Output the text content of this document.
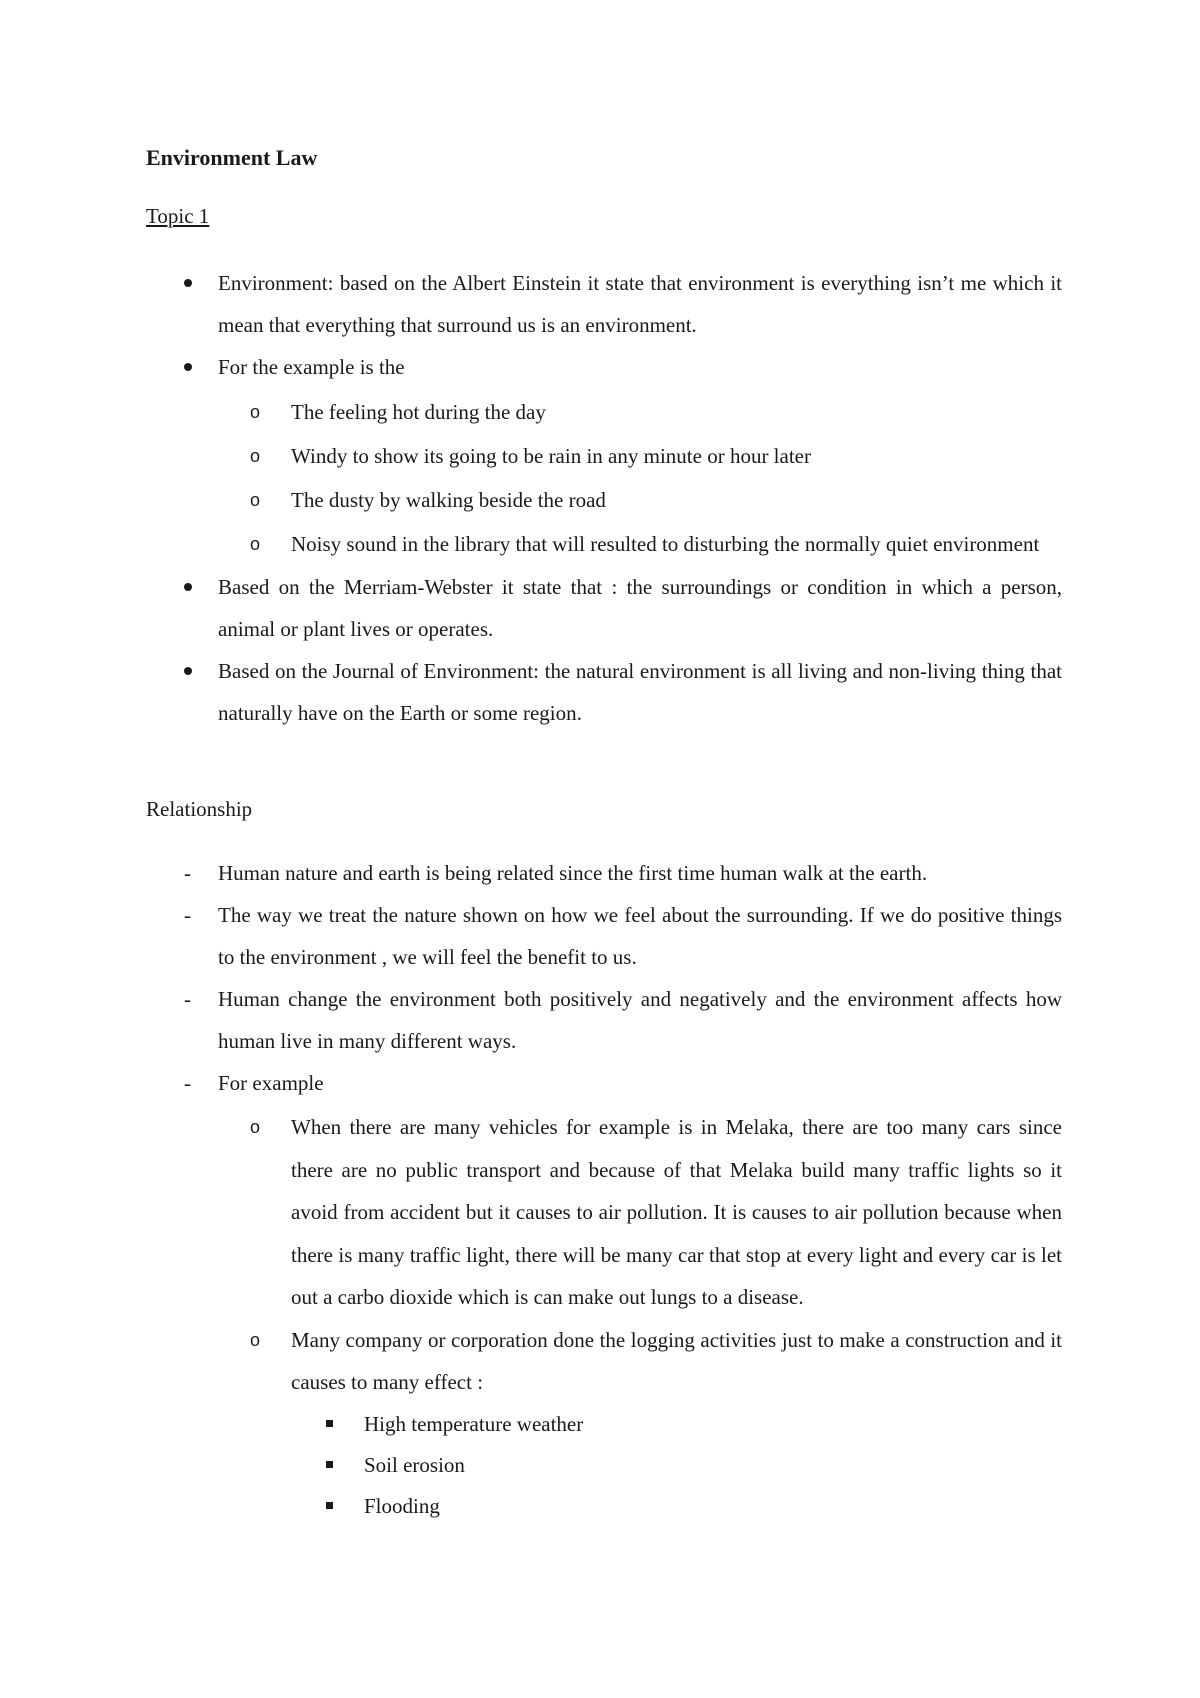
Environment Law

Topic 1

Environment: based on the Albert Einstein it state that environment is everything isn’t me which it mean that everything that surround us is an environment.
For the example is the
o The feeling hot during the day
o Windy to show its going to be rain in any minute or hour later
o The dusty by walking beside the road
o Noisy sound in the library that will resulted to disturbing the normally quiet environment
Based on the Merriam-Webster it state that : the surroundings or condition in which a person, animal or plant lives or operates.
Based on the Journal of Environment: the natural environment is all living and non-living thing that naturally have on the Earth or some region.

Relationship

- Human nature and earth is being related since the first time human walk at the earth.
- The way we treat the nature shown on how we feel about the surrounding. If we do positive things to the environment , we will feel the benefit to us.
- Human change the environment both positively and negatively and the environment affects how human live in many different ways.
- For example
o When there are many vehicles for example is in Melaka, there are too many cars since there are no public transport and because of that Melaka build many traffic lights so it avoid from accident but it causes to air pollution. It is causes to air pollution because when there is many traffic light, there will be many car that stop at every light and every car is let out a carbo dioxide which is can make out lungs to a disease.
o Many company or corporation done the logging activities just to make a construction and it causes to many effect :
High temperature weather
Soil erosion
Flooding
